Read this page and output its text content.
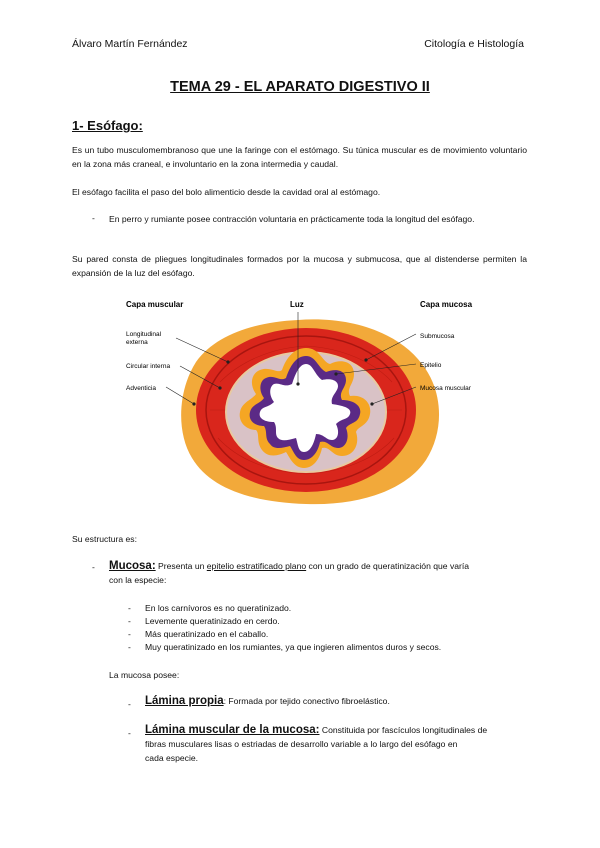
Álvaro Martín Fernández	Citología e Histología
TEMA 29 - EL APARATO DIGESTIVO II
1- Esófago:
Es un tubo musculomembranoso que une la faringe con el estómago. Su túnica muscular es de movimiento voluntario en la zona más craneal, e involuntario en la zona intermedia y caudal.
El esófago facilita el paso del bolo alimenticio desde la cavidad oral al estómago.
- En perro y rumiante posee contracción voluntaria en prácticamente toda la longitud del esófago.
Su pared consta de pliegues longitudinales formados por la mucosa y submucosa, que al distenderse permiten la expansión de la luz del esófago.
Capa muscular	Luz	Capa mucosa
Longitudinal externa
Circular interna
Adventicia
Submucosa
Epitelio
Mucosa muscular
Su estructura es:
- Mucosa: Presenta un epitelio estratificado plano con un grado de queratinización que varía
con la especie:
- En los carnívoros es no queratinizado.
- Levemente queratinizado en cerdo.
- Más queratinizado en el caballo.
- Muy queratinizado en los rumiantes, ya que ingieren alimentos duros y secos.
La mucosa posee:
- Lámina propia: Formada por tejido conectivo fibroelástico.
- Lámina muscular de la mucosa: Constituida por fascículos longitudinales de
fibras musculares lisas o estriadas de desarrollo variable a lo largo del esófago en
cada especie.
